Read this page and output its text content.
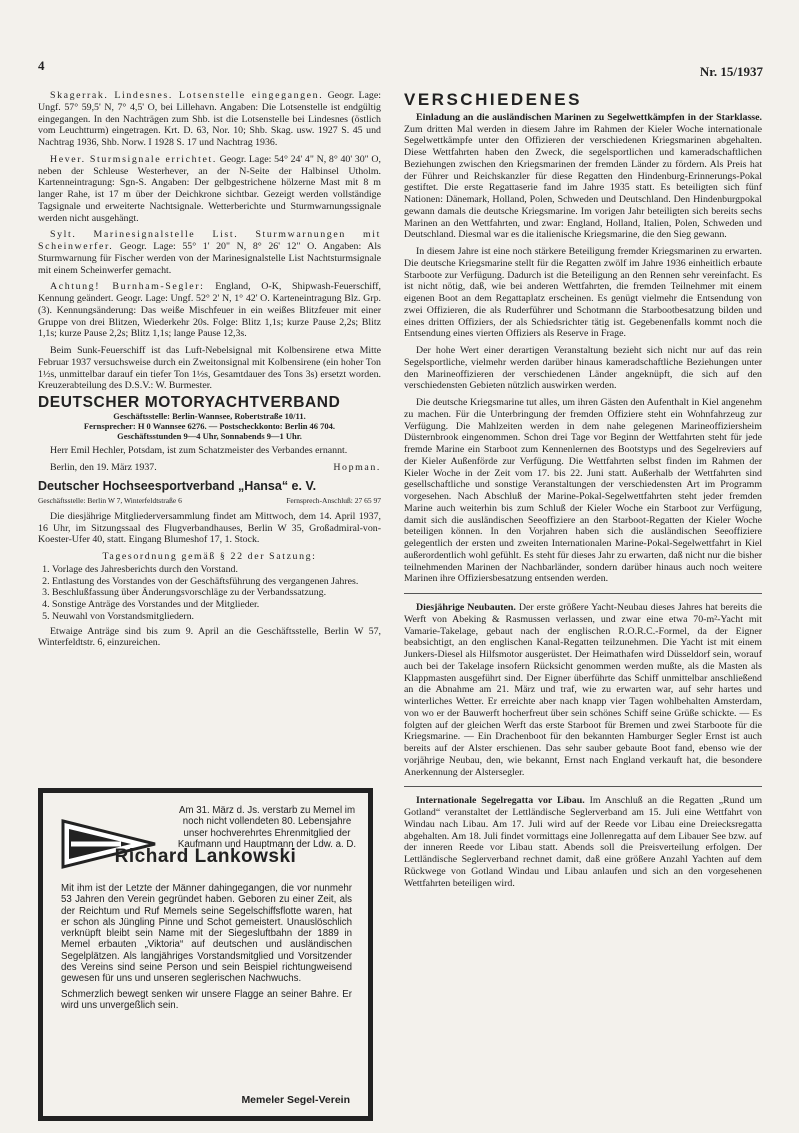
4	Nr. 15/1937

Skagerrak. Lindesnes. Lotsenstelle eingegangen. Geogr. Lage: Ungf. 57° 59,5' N, 7° 4,5' O, bei Lillehavn. Angaben: Die Lotsenstelle ist endgültig eingegangen. In den Nachträgen zum Shb. ist die Lotsenstelle bei Lindesnes (östlich vom Leuchtturm) eingetragen. Krt. D. 63, Nor. 10; Shb. Skag. usw. 1927 S. 45 und Nachtrag 1936, Shb. Norw. I 1928 S. 17 und Nachtrag 1936.

Hever. Sturmsignale errichtet. Geogr. Lage: 54° 24' 4" N, 8° 40' 30" O, neben der Schleuse Westerhever, an der N-Seite der Halbinsel Utholm. Kartenneintragung: Sgn-S. Angaben: Der gelbgestrichene hölzerne Mast mit 8 m langer Rahe, ist 17 m über der Deichkrone sichtbar. Gezeigt werden vollständige Tagsignale und erweiterte Nachtsignale. Wetterberichte und Sturmwarnungssignale werden nicht ausgehängt.

Sylt. Marinesignalstelle List. Sturmwarnungen mit Scheinwerfer. Geogr. Lage: 55° 1' 20" N, 8° 26' 12" O. Angaben: Als Sturmwarnung für Fischer werden von der Marinesignalstelle List Nachtsturmsignale mit einem Scheinwerfer gemacht.

Achtung! Burnham-Segler: England, O-K, Shipwash-Feuerschiff, Kennung geändert. Geogr. Lage: Ungf. 52° 2' N, 1° 42' O. Karteneintragung Blz. Grp. (3). Kennungsänderung: Das weiße Mischfeuer in ein weißes Blitzfeuer mit einer Gruppe von drei Blitzen, Wiederkehr 20s. Folge: Blitz 1,1s; kurze Pause 2,2s; Blitz 1,1s; kurze Pause 2,2s; Blitz 1,1s; lange Pause 12,3s.

Beim Sunk-Feuerschiff ist das Luft-Nebelsignal mit Kolbensirene etwa Mitte Februar 1937 versuchsweise durch ein Zweitonsignal mit Kolbensirene (ein hoher Ton 1½s, unmittelbar darauf ein tiefer Ton 1½s, Gesamtdauer des Tons 3s) ersetzt worden. Kreuzerabteilung des D.S.V.: W. Burmester.

DEUTSCHER MOTORYACHTVERBAND
Geschäftsstelle: Berlin-Wannsee, Robertstraße 10/11.
Fernsprecher: H 0 Wannsee 6276. — Postscheckkonto: Berlin 46 704.
Geschäftsstunden 9—4 Uhr, Sonnabends 9—1 Uhr.

Herr Emil Hechler, Potsdam, ist zum Schatzmeister des Verbandes ernannt.

Berlin, den 19. März 1937.	Hopman.
Deutscher Hochseesportverband „Hansa“ e. V.
Geschäftsstelle: Berlin W 7, Winterfeldtstraße 6	Fernsprech-Anschluß: 27 65 97

Die diesjährige Mitgliederversammlung findet am Mittwoch, dem 14. April 1937, 16 Uhr, im Sitzungssaal des Flugverbandhauses, Berlin W 35, Großadmiral-von-Koester-Ufer 40, statt. Eingang Blumeshof 17, 1. Stock.

Tagesordnung gemäß § 22 der Satzung:
1. Vorlage des Jahresberichts durch den Vorstand.
2. Entlastung des Vorstandes von der Geschäftsführung des vergangenen Jahres.
3. Beschlußfassung über Änderungsvorschläge zu der Verbandssatzung.
4. Sonstige Anträge des Vorstandes und der Mitglieder.
5. Neuwahl von Vorstandsmitgliedern.

Etwaige Anträge sind bis zum 9. April an die Geschäftsstelle, Berlin W 57, Winterfeldtstr. 6, einzureichen.

Am 31. März d. Js. verstarb zu Memel im noch nicht vollendeten 80. Lebensjahre unser hochverehrtes Ehrenmitglied der Kaufmann und Hauptmann der Ldw. a. D.
Richard Lankowski

Mit ihm ist der Letzte der Männer dahingegangen, die vor nunmehr 53 Jahren den Verein gegründet haben. Geboren zu einer Zeit, als der Reichtum und Ruf Memels seine Segelschiffsflotte waren, hat er schon als Jüngling Pinne und Schot gemeistert. Unauslöschlich verknüpft bleibt sein Name mit der Siegesluftbahn der 1889 in Memel erbauten „Viktoria“ auf deutschen und ausländischen Segelplätzen. Als langjähriges Vorstandsmitglied und Vorsitzender des Vereins sind seine Person und sein Beispiel richtungweisend gewesen für uns und unseren seglerischen Nachwuchs.

Schmerzlich bewegt senken wir unsere Flagge an seiner Bahre. Er wird uns unvergeßlich sein.

Memeler Segel-Verein
VERSCHIEDENES

Einladung an die ausländischen Marinen zu Segelwettkämpfen in der Starklasse. Zum dritten Mal werden in diesem Jahre im Rahmen der Kieler Woche internationale Segelwettkämpfe unter den Offizieren der verschiedenen Kriegsmarinen abgehalten. Diese Wettfahrten haben den Zweck, die segelsportlichen und kameradschaftlichen Beziehungen zwischen den Kriegsmarinen der fremden Länder zu fördern. Als Preis hat der Führer und Reichskanzler für diese Regatten den Hindenburg-Erinnerungs-Pokal gestiftet. Die erste Regattaserie fand im Jahre 1935 statt. Es beteiligten sich fünf Nationen: Dänemark, Holland, Polen, Schweden und Deutschland. Den Hindenburgpokal gewann damals die deutsche Kriegsmarine. Im vorigen Jahr beteiligten sich bereits sechs Marinen an den Wettfahrten, und zwar: England, Holland, Italien, Polen, Schweden und Deutschland. Diesmal war es die italienische Kriegsmarine, die den Sieg gewann.

In diesem Jahre ist eine noch stärkere Beteiligung fremder Kriegsmarinen zu erwarten. Die deutsche Kriegsmarine stellt für die Regatten zwölf im Jahre 1936 einheitlich erbaute Starboote zur Verfügung. Dadurch ist die Beteiligung an den Rennen sehr vereinfacht. Es ist nicht nötig, daß, wie bei anderen Wettfahrten, die fremden Teilnehmer mit einem eigenen Boot an dem Regattaplatz erscheinen. Es genügt vielmehr die Entsendung von zwei Offizieren, die als Ruderführer und Schotmann die Starbootbesatzung bilden und eines dritten Offiziers, der als Schiedsrichter tätig ist. Gegebenenfalls kommt noch die Entsendung eines vierten Offiziers als Reserve in Frage.

Der hohe Wert einer derartigen Veranstaltung bezieht sich nicht nur auf das rein Segelsportliche, vielmehr werden darüber hinaus kameradschaftliche Beziehungen unter den Marineoffizieren der verschiedenen Länder angeknüpft, die sich auf den verschiedensten Gebieten nützlich auswirken werden.

Die deutsche Kriegsmarine tut alles, um ihren Gästen den Aufenthalt in Kiel angenehm zu machen. Für die Unterbringung der fremden Offiziere steht ein Wohnfahrzeug zur Verfügung. Die Mahlzeiten werden in dem nahe gelegenen Marineoffiziersheim Düsternbrook eingenommen. Schon drei Tage vor Beginn der Wettfahrten steht für jede fremde Marine ein Starboot zum Kennenlernen des Bootstyps und des Segelreviers auf der Kieler Außenförde zur Verfügung. Die Wettfahrten selbst finden im Rahmen der Kieler Woche in der Zeit vom 17. bis 22. Juni statt. Außerhalb der Wettfahrten sind gesellschaftliche und sonstige Veranstaltungen der verschiedensten Art im Programm vorgesehen. Nach Abschluß der Marine-Pokal-Segelwettfahrten steht jeder fremden Marine auch weiterhin bis zum Schluß der Kieler Woche ein Starboot zur Verfügung, damit sich die ausländischen Seeoffiziere an den Starboot-Regatten der Kieler Woche beteiligen können. In den Vorjahren haben sich die ausländischen Seeoffiziere gelegentlich der ersten und zweiten Internationalen Marine-Pokal-Segelwettfahrt in Kiel außerordentlich wohl gefühlt. Es steht für dieses Jahr zu erwarten, daß nicht nur die bisher teilnehmenden Marinen der Nachbarländer, sondern darüber hinaus auch noch weitere Marinen ihre Offiziersbesatzung entsenden werden.

Diesjährige Neubauten. Der erste größere Yacht-Neubau dieses Jahres hat bereits die Werft von Abeking & Rasmussen verlassen, und zwar eine etwa 70-m²-Yacht mit Vamarie-Takelage, gebaut nach der englischen R.O.R.C.-Formel, da der Eigner beabsichtigt, an den englischen Kanal-Regatten teilzunehmen. Die Yacht ist mit einem Junkers-Diesel als Hilfsmotor ausgerüstet. Der Heimathafen wird Düsseldorf sein, worauf auch bei der Takelage insofern Rücksicht genommen werden mußte, als die Masten als Klappmasten ausgeführt sind. Der Eigner überführte das Schiff unmittelbar anschließend an die Abnahme am 21. März und traf, wie zu erwarten war, auf sehr hartes und winterliches Wetter. Er erreichte aber nach knapp vier Tagen wohlbehalten Amsterdam, von wo er der Bauwerft hocherfreut über sein schönes Schiff seine Grüße schickte. — Es folgten auf der gleichen Werft das erste Starboot für Bremen und zwei Starboote für die Kriegsmarine. — Ein Drachenboot für den bekannten Hamburger Segler Ernst ist auch bereits auf der Alster erschienen. Das sehr sauber gebaute Boot fand, ebenso wie der vorjährige Neubau, den, wie bekannt, Ernst nach England verkauft hat, die besondere Anerkennung der Alstersegler.

Internationale Segelregatta vor Libau. Im Anschluß an die Regatten „Rund um Gotland“ veranstaltet der Lettländische Seglerverband am 15. Juli eine Wettfahrt von Windau nach Libau. Am 17. Juli wird auf der Reede vor Libau eine Dreiecksregatta abgehalten. Am 18. Juli findet vormittags eine Jollenregatta auf dem Libauer See bzw. auf der inneren Reede vor Libau statt. Abends soll die Preisverteilung erfolgen. Der Lettländische Seglerverband rechnet damit, daß eine größere Anzahl Yachten auf dem Rückwege von Gotland Windau und Libau anlaufen und sich an den vorgesehenen Wettfahrten beteiligen wird.
